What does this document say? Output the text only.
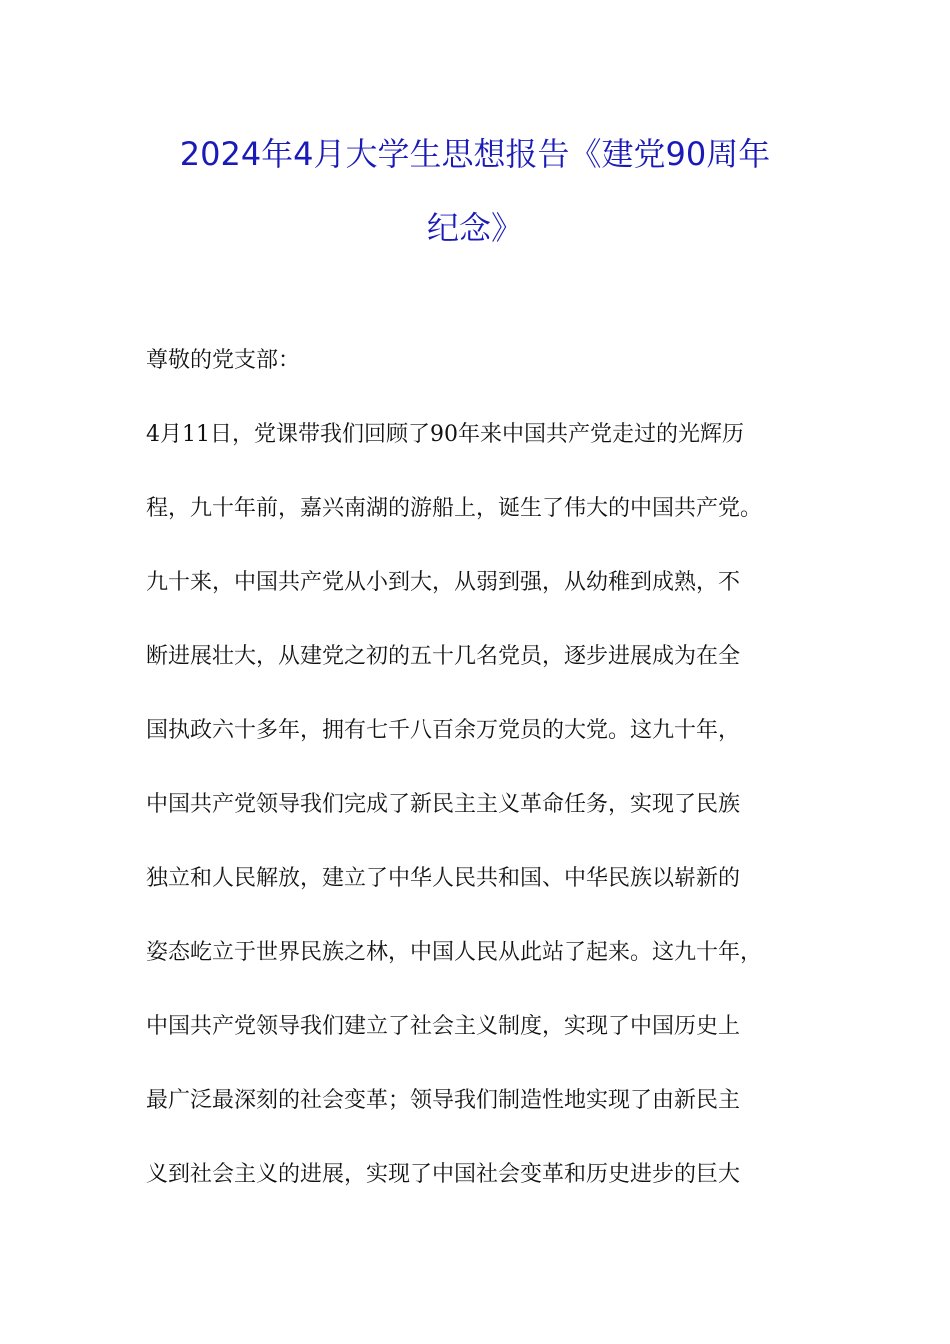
2024年4月大学生思想报告《建党90周年
纪念》
尊敬的党支部：
4月11日，党课带我们回顾了90年来中国共产党走过的光辉历
程，九十年前，嘉兴南湖的游船上，诞生了伟大的中国共产党。
九十来，中国共产党从小到大，从弱到强，从幼稚到成熟，不
断进展壮大，从建党之初的五十几名党员，逐步进展成为在全
国执政六十多年，拥有七千八百余万党员的大党。这九十年，
中国共产党领导我们完成了新民主主义革命任务，实现了民族
独立和人民解放，建立了中华人民共和国、中华民族以崭新的
姿态屹立于世界民族之林，中国人民从此站了起来。这九十年，
中国共产党领导我们建立了社会主义制度，实现了中国历史上
最广泛最深刻的社会变革；领导我们制造性地实现了由新民主
义到社会主义的进展，实现了中国社会变革和历史进步的巨大
